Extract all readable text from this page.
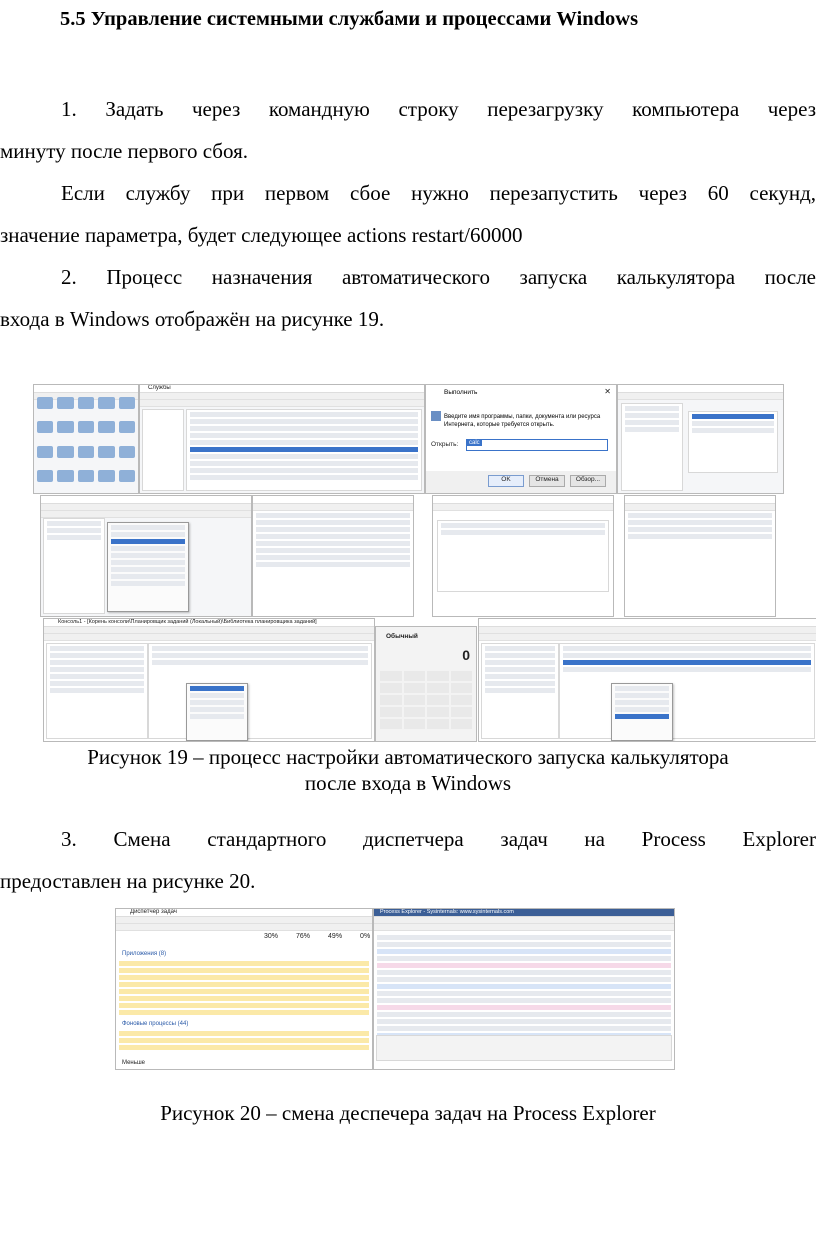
5.5 Управление системными службами и процессами Windows

1. Задать через командную строку перезагрузку компьютера через

минуту после первого сбоя.

Если службу при первом сбое нужно перезапустить через 60 секунд,

значение параметра, будет следующее actions restart/60000

2. Процесс назначения автоматического запуска калькулятора после

входа в Windows отображён на рисунке 19.

Службы
Выполнить	✕
Введите имя программы, папки, документа или ресурса Интернета, которые требуется открыть.
Открыть:	calc
OK	Отмена	Обзор...
Консоль1 - [Корень консоли\Планировщик заданий (Локальный)\Библиотека планировщика заданий]
Обычный
0

Рисунок 19 – процесс настройки автоматического запуска калькулятора

после входа в Windows

3. Смена стандартного диспетчера задач на Process Explorer

предоставлен на рисунке 20.

Диспетчер задач
30%	76%	49%	0%
Приложения (8)
Фоновые процессы (44)
Меньше
Process Explorer - Sysinternals: www.sysinternals.com

Рисунок 20 – смена деспечера задач на Process Explorer
